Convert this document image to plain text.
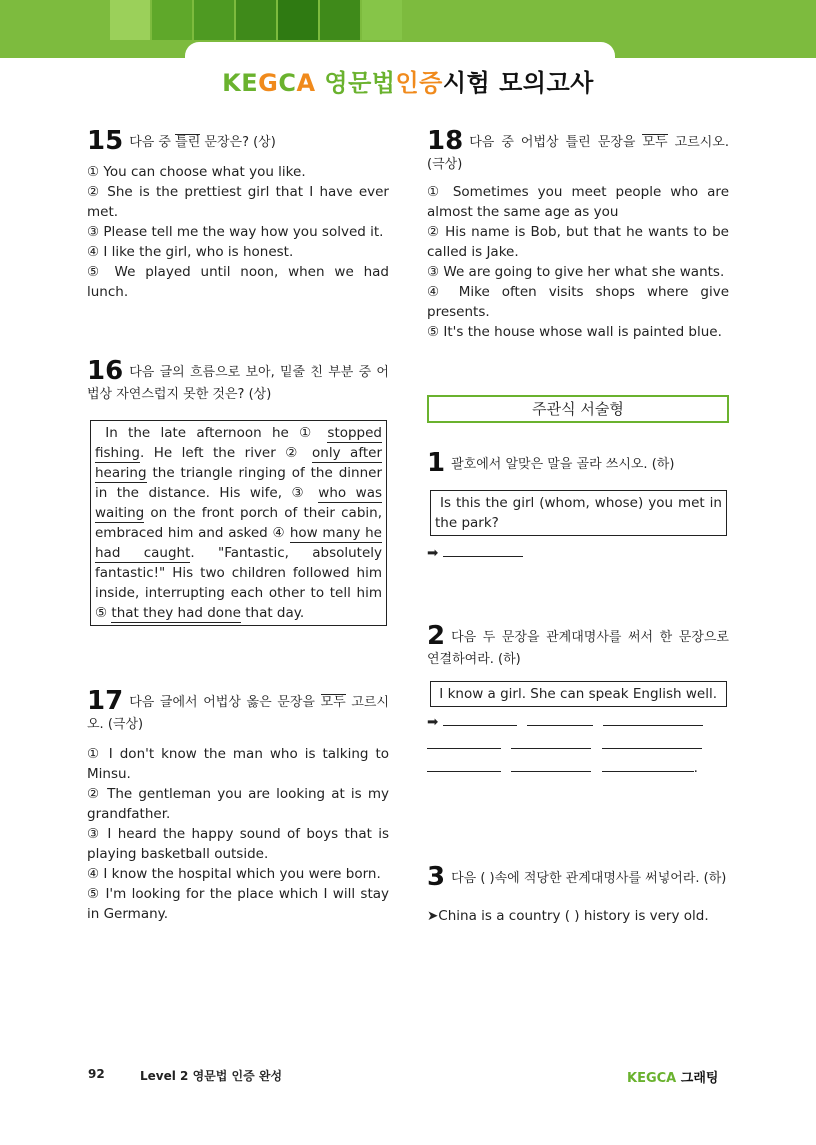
KEGCA 영문법인증시험 모의고사
15 다음 중 틀린 문장은? (상)

① You can choose what you like.

② She is the prettiest girl that I have ever met.

③ Please tell me the way how you solved it.

④ I like the girl, who is honest.

⑤ We played until noon, when we had lunch.

16 다음 글의 흐름으로 보아, 밑줄 친 부분 중 어법상 자연스럽지 못한 것은? (상)
In the late afternoon he ① stopped fishing. He left the river ② only after hearing the triangle ringing of the dinner in the distance. His wife, ③ who was waiting on the front porch of their cabin, embraced him and asked ④ how many he had caught. "Fantastic, absolutely fantastic!" His two children followed him inside, interrupting each other to tell him ⑤ that they had done that day.
17 다음 글에서 어법상 옳은 문장을 모두 고르시오. (극상)

① I don't know the man who is talking to Minsu.

② The gentleman you are looking at is my grandfather.

③ I heard the happy sound of boys that is playing basketball outside.

④ I know the hospital which you were born.

⑤ I'm looking for the place which I will stay in Germany.

18 다음 중 어법상 틀린 문장을 모두 고르시오. (극상)

① Sometimes you meet people who are almost the same age as you

② His name is Bob, but that he wants to be called is Jake.

③ We are going to give her what she wants.

④ Mike often visits shops where give presents.

⑤ It's the house whose wall is painted blue.

주관식 서술형
1 괄호에서 알맞은 말을 골라 쓰시오. (하)
Is this the girl (whom, whose) you met in the park?
➡
2 다음 두 문장을 관계대명사를 써서 한 문장으로 연결하여라. (하)
I know a girl. She can speak English well.
➡

.
3 다음 ( )속에 적당한 관계대명사를 써넣어라. (하)
➤China is a country ( ) history is very old.
92	Level 2 영문법 인증 완성	KEGCA 그래팅
